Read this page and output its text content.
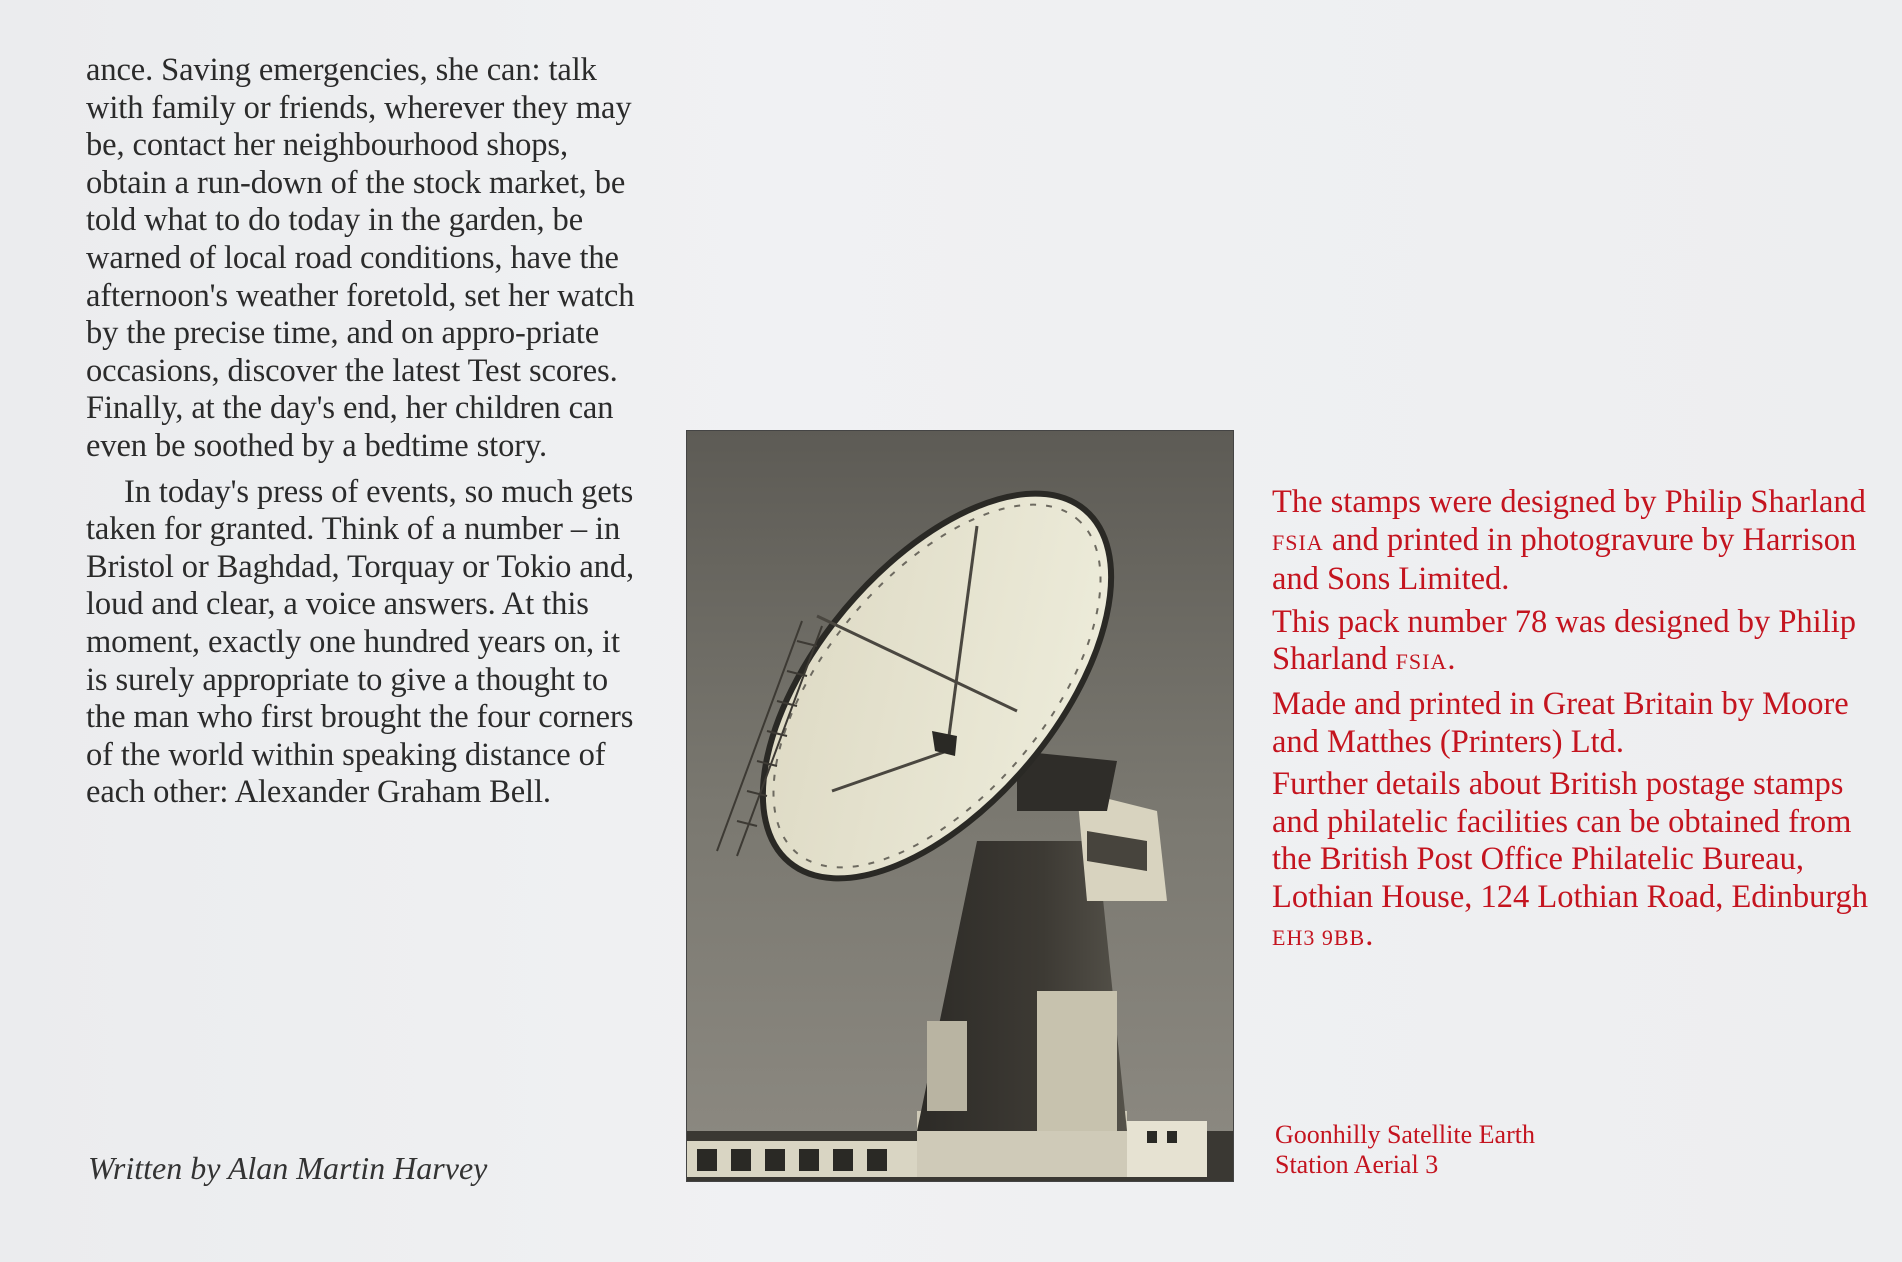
ance. Saving emergencies, she can: talk with family or friends, wherever they may be, contact her neighbourhood shops, obtain a run-down of the stock market, be told what to do today in the garden, be warned of local road conditions, have the afternoon's weather foretold, set her watch by the precise time, and on appro-priate occasions, discover the latest Test scores. Finally, at the day's end, her children can even be soothed by a bedtime story.

In today's press of events, so much gets taken for granted. Think of a number – in Bristol or Baghdad, Torquay or Tokio and, loud and clear, a voice answers. At this moment, exactly one hundred years on, it is surely appropriate to give a thought to the man who first brought the four corners of the world within speaking distance of each other: Alexander Graham Bell.

Written by Alan Martin Harvey

The stamps were designed by Philip Sharland FSIA and printed in photogravure by Harrison and Sons Limited.

This pack number 78 was designed by Philip Sharland FSIA.

Made and printed in Great Britain by Moore and Matthes (Printers) Ltd.

Further details about British postage stamps and philatelic facilities can be obtained from the British Post Office Philatelic Bureau, Lothian House, 124 Lothian Road, Edinburgh EH3 9BB.

Goonhilly Satellite Earth
Station Aerial 3
